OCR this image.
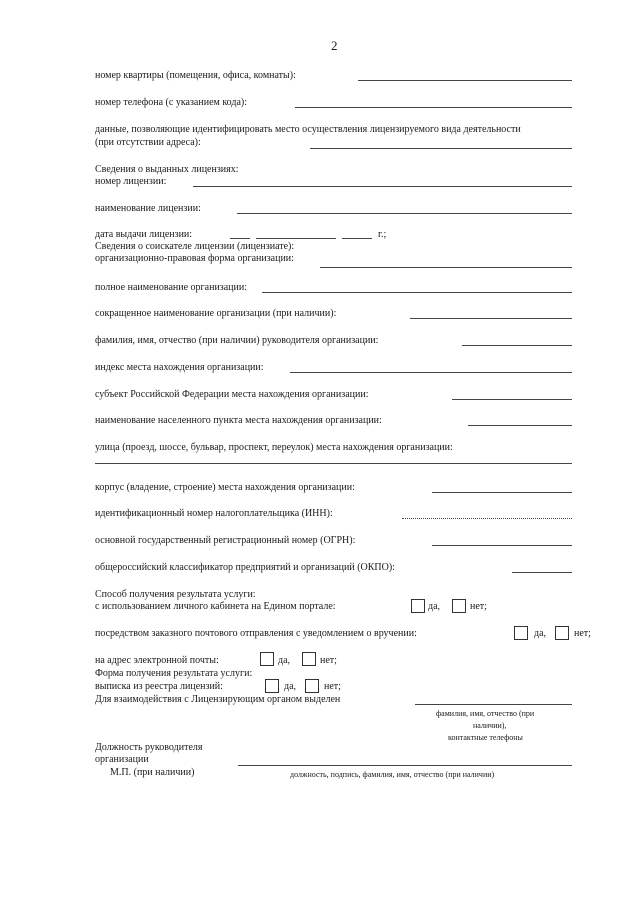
2
номер квартиры (помещения, офиса, комнаты):
номер телефона (с указанием кода):
данные, позволяющие идентифицировать место осуществления лицензируемого вида деятельности
(при отсутствии адреса):
Сведения о выданных лицензиях:
номер лицензии:
наименование лицензии:
дата выдачи лицензии:	г.;
Сведения о соискателе лицензии (лицензиате):
организационно-правовая форма организации:
полное наименование организации:
сокращенное наименование организации (при наличии):
фамилия, имя, отчество (при наличии) руководителя организации:
индекс места нахождения организации:
субъект Российской Федерации места нахождения организации:
наименование населенного пункта места нахождения организации:
улица (проезд, шоссе, бульвар, проспект, переулок) места нахождения организации:
корпус (владение, строение) места нахождения организации:
идентификационный номер налогоплательщика (ИНН):
основной государственный регистрационный номер (ОГРН):
общероссийский классификатор предприятий и организаций (ОКПО):
Способ получения результата услуги:
с использованием личного кабинета на Едином портале:	да,	нет;
посредством заказного почтового отправления с уведомлением о вручении:	да,	нет;
на адрес электронной почты:	да,	нет;
Форма получения результата услуги:
выписка из реестра лицензий:	да,	нет;
Для взаимодействия с Лицензирующим органом выделен
фамилия, имя, отчество (при
наличии),
контактные телефоны
Должность руководителя
организации
М.П. (при наличии)	должность, подпись, фамилия, имя, отчество (при наличии)
